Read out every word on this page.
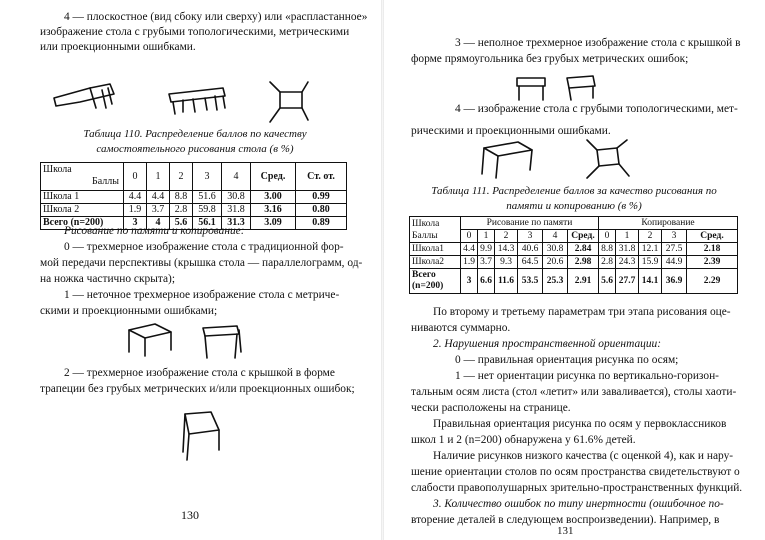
4 — плоскостное (вид сбоку или сверху) или «распластанное»
изображение стола с грубыми топологическими, метрическими
или проекционными ошибками.
Таблица 110. Распределение баллов по качеству
самостоятельного рисования стола (в %)
Школа
Баллы	0	1	2	3	4	Сред.	Ст. от.

Школа 1	4.4	4.4	8.8	51.6	30.8	3.00	0.99
Школа 2	1.9	3.7	2.8	59.8	31.8	3.16	0.80
Всего (n=200)	3	4	5.6	56.1	31.3	3.09	0.89
Рисование по памяти и копирование:
0 — трехмерное изображение стола с традиционной фор-
мой передачи перспективы (крышка стола — параллелограмм, од-
на ножка частично скрыта);
1 — неточное трехмерное изображение стола с метриче-
скими и проекционными ошибками;
2 — трехмерное изображение стола с крышкой в форме
трапеции без грубых метрических и/или проекционных ошибок;
130
3 — неполное трехмерное изображение стола с крышкой в
форме прямоугольника без грубых метрических ошибок;
4 — изображение стола с грубыми топологическими, мет-
рическими и проекционными ошибками.
Таблица 111. Распределение баллов за качество рисования по
памяти и копированию (в %)
Школа
Баллы	Рисование по памяти						Копирование				
	0	1	2	3	4	Сред.	0	1	2	3	Сред.
Школа1	4.4	9.9	14.3	40.6	30.8	2.84	8.8	31.8	12.1	27.5	2.18
Школа2	1.9	3.7	9.3	64.5	20.6	2.98	2.8	24.3	15.9	44.9	2.39
Всего (n=200)	3	6.6	11.6	53.5	25.3	2.91	5.6	27.7	14.1	36.9	2.29
По второму и третьему параметрам три этапа рисования оце-
ниваются суммарно.
2. Нарушения пространственной ориентации:
0 — правильная ориентация рисунка по осям;
1 — нет ориентации рисунка по вертикально-горизон-
тальным осям листа (стол «летит» или заваливается), столы хаоти-
чески расположены на странице.
Правильная ориентация рисунка по осям у первоклассников
школ 1 и 2 (n=200) обнаружена у 61.6% детей.
Наличие рисунков низкого качества (с оценкой 4), как и нару-
шение ориентации столов по осям пространства свидетельствуют о
слабости правополушарных зрительно-пространственных функций.
3. Количество ошибок по типу инертности (ошибочное по-
вторение деталей в следующем воспроизведении). Например, в
131
